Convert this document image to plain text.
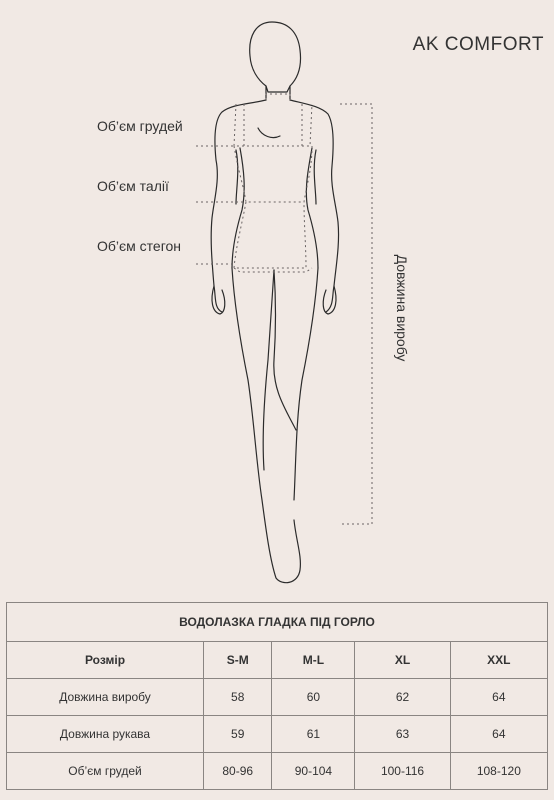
AK COMFORT
Об’єм грудей
Об’єм талії
Об’єм стегон
Довжина виробу
ВОДОЛАЗКА ГЛАДКА ПІД ГОРЛО				
Розмір	S-M	M-L	XL	XXL
Довжина виробу	58	60	62	64
Довжина рукава	59	61	63	64
Об’єм грудей	80-96	90-104	100-116	108-120
